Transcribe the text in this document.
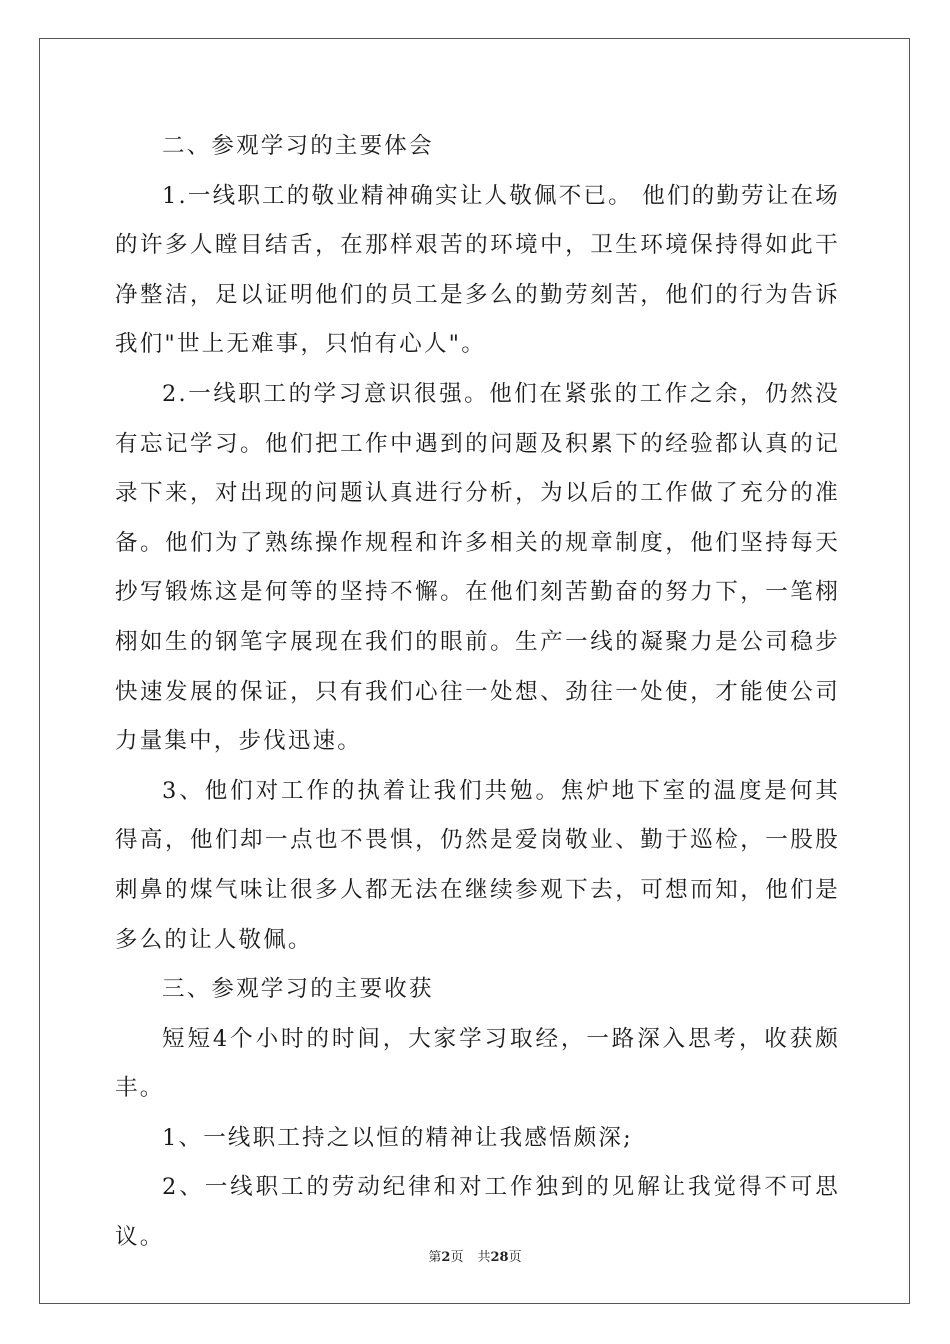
二、参观学习的主要体会

1.一线职工的敬业精神确实让人敬佩不已。 他们的勤劳让在场的许多人瞠目结舌，在那样艰苦的环境中，卫生环境保持得如此干净整洁，足以证明他们的员工是多么的勤劳刻苦，他们的行为告诉我们"世上无难事，只怕有心人"。

2.一线职工的学习意识很强。他们在紧张的工作之余，仍然没有忘记学习。他们把工作中遇到的问题及积累下的经验都认真的记录下来，对出现的问题认真进行分析，为以后的工作做了充分的准备。他们为了熟练操作规程和许多相关的规章制度，他们坚持每天抄写锻炼这是何等的坚持不懈。在他们刻苦勤奋的努力下，一笔栩栩如生的钢笔字展现在我们的眼前。生产一线的凝聚力是公司稳步快速发展的保证，只有我们心往一处想、劲往一处使，才能使公司力量集中，步伐迅速。

3、他们对工作的执着让我们共勉。焦炉地下室的温度是何其得高，他们却一点也不畏惧，仍然是爱岗敬业、勤于巡检，一股股刺鼻的煤气味让很多人都无法在继续参观下去，可想而知，他们是多么的让人敬佩。

三、参观学习的主要收获

短短4个小时的时间，大家学习取经，一路深入思考，收获颇丰。

1、一线职工持之以恒的精神让我感悟颇深;

2、一线职工的劳动纪律和对工作独到的见解让我觉得不可思议。

第2页 共28页
